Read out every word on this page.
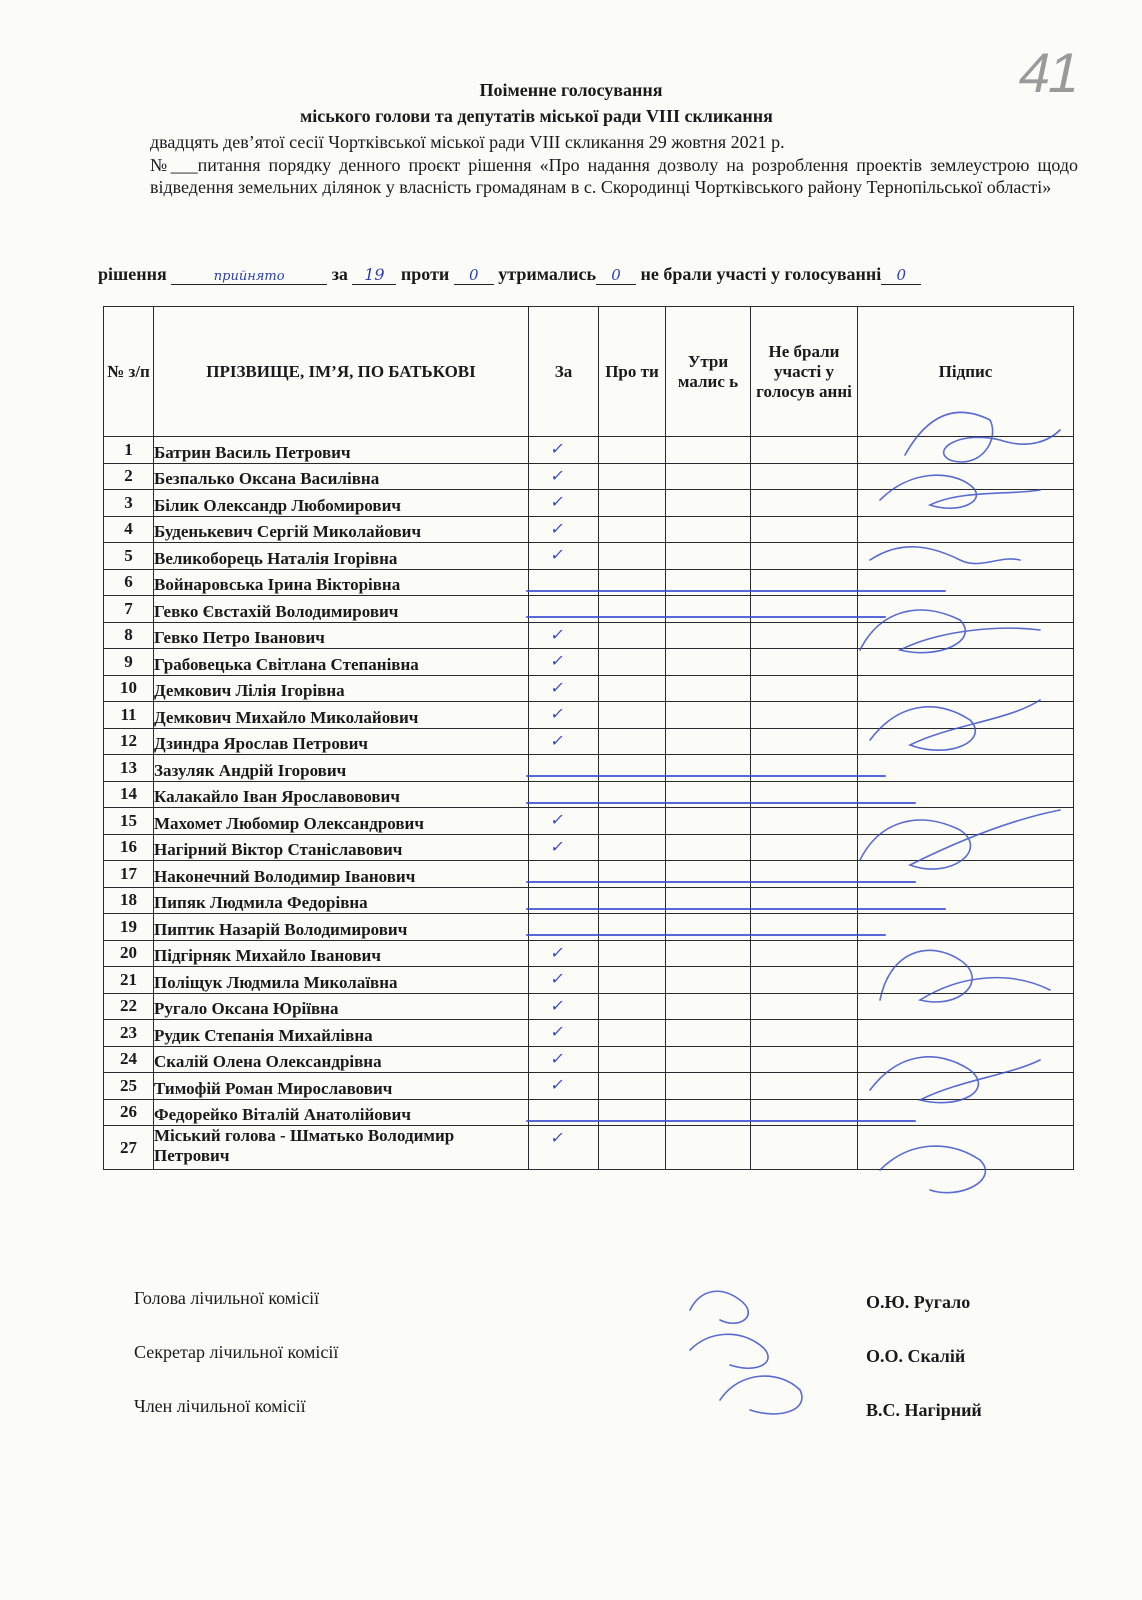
41
Поіменне голосування
міського голови та депутатів міської ради VIII скликання
двадцять дев’ятої сесії Чортківської міської ради VIII скликання 29 жовтня 2021 р.
№___питання порядку денного проєкт рішення «Про надання дозволу на розроблення проектів землеустрою щодо відведення земельних ділянок у власність громадянам в с. Скородинці Чортківського району Тернопільської області»
рішення	прийнято	за 19 проти 0 утримались 0 не брали участі у голосуванні 0
№ з/п	ПРІЗВИЩЕ, ІМ’Я, ПО БАТЬКОВІ	За	Про ти	Утри малис ь	Не брали участі у голосув анні	Підпис
1	Батрин Василь Петрович	✓				

2	Безпалько Оксана Василівна	✓				

3	Білик Олександр Любомирович	✓				

4	Буденькевич Сергій Миколайович	✓				

5	Великоборець Наталія Ігорівна	✓				

6	Войнаровська Ірина Вікторівна					
7	Гевко Євстахій Володимирович					
8	Гевко Петро Іванович	✓				

9	Грабовецька Світлана Степанівна	✓				

10	Демкович Лілія Ігорівна	✓				

11	Демкович Михайло Миколайович	✓				

12	Дзиндра Ярослав Петрович	✓				

13	Зазуляк Андрій Ігорович					
14	Калакайло Іван Ярославовович					
15	Махомет Любомир Олександрович	✓				

16	Нагірний Віктор Станіславович	✓				

17	Наконечний Володимир Іванович					
18	Пипяк Людмила Федорівна					
19	Пиптик Назарій Володимирович					
20	Підгірняк Михайло Іванович	✓				

21	Поліщук Людмила Миколаївна	✓				

22	Ругало Оксана Юріївна	✓				

23	Рудик Степанія Михайлівна	✓				

24	Скалій Олена Олександрівна	✓				

25	Тимофій Роман Мирославович	✓				

26	Федорейко Віталій Анатолійович					
27	Міський голова - Шматько Володимир Петрович	✓				

Голова лічильної комісії	О.Ю. Ругало
Секретар лічильної комісії	О.О. Скалій
Член лічильної комісії	В.С. Нагірний
